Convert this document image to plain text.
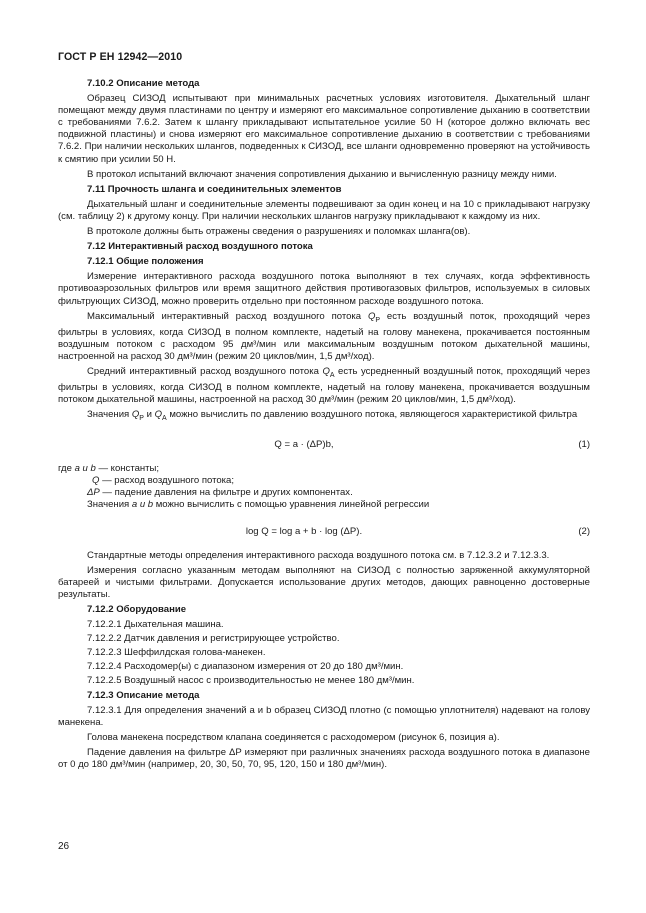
ГОСТ Р ЕН 12942—2010
7.10.2 Описание метода
Образец СИЗОД испытывают при минимальных расчетных условиях изготовителя. Дыхательный шланг помещают между двумя пластинами по центру и измеряют его максимальное сопротивление дыханию в соответствии с требованиями 7.6.2. Затем к шлангу прикладывают испытательное усилие 50 Н (которое должно включать вес подвижной пластины) и снова измеряют его максимальное сопротивление дыханию в соответствии с требованиями 7.6.2. При наличии нескольких шлангов, подведенных к СИЗОД, все шланги одновременно проверяют на устойчивость к смятию при усилии 50 Н.
В протокол испытаний включают значения сопротивления дыханию и вычисленную разницу между ними.
7.11 Прочность шланга и соединительных элементов
Дыхательный шланг и соединительные элементы подвешивают за один конец и на 10 с прикладывают нагрузку (см. таблицу 2) к другому концу. При наличии нескольких шлангов нагрузку прикладывают к каждому из них.
В протоколе должны быть отражены сведения о разрушениях и поломках шланга(ов).
7.12 Интерактивный расход воздушного потока
7.12.1 Общие положения
Измерение интерактивного расхода воздушного потока выполняют в тех случаях, когда эффективность противоаэрозольных фильтров или время защитного действия противогазовых фильтров, используемых в силовых фильтрующих СИЗОД, можно проверить отдельно при постоянном расходе воздушного потока.
Максимальный интерактивный расход воздушного потока $Q_P$ есть воздушный поток, проходящий через фильтры в условиях, когда СИЗОД в полном комплекте, надетый на голову манекена, прокачивается постоянным воздушным потоком с расходом 95 дм³/мин или максимальным воздушным потоком дыхательной машины, настроенной на расход 30 дм³/мин (режим 20 циклов/мин, 1,5 дм³/ход).
Средний интерактивный расход воздушного потока $Q_A$ есть усредненный воздушный поток, проходящий через фильтры в условиях, когда СИЗОД в полном комплекте, надетый на голову манекена, прокачивается воздушным потоком дыхательной машины, настроенной на расход 30 дм³/мин (режим 20 циклов/мин, 1,5 дм³/ход).
Значения $Q_P$ и $Q_A$ можно вычислить по давлению воздушного потока, являющегося характеристикой фильтра
Q = a · (ΔP)b,	(1)
где a и b — константы;
Q — расход воздушного потока;
ΔP — падение давления на фильтре и других компонентах.
Значения a и b можно вычислить с помощью уравнения линейной регрессии
log Q = log a + b · log (ΔP).	(2)
Стандартные методы определения интерактивного расхода воздушного потока см. в 7.12.3.2 и 7.12.3.3.
Измерения согласно указанным методам выполняют на СИЗОД с полностью заряженной аккумуляторной батареей и чистыми фильтрами. Допускается использование других методов, дающих равноценно достоверные результаты.
7.12.2 Оборудование
7.12.2.1 Дыхательная машина.
7.12.2.2 Датчик давления и регистрирующее устройство.
7.12.2.3 Шеффилдская голова-манекен.
7.12.2.4 Расходомер(ы) с диапазоном измерения от 20 до 180 дм³/мин.
7.12.2.5 Воздушный насос с производительностью не менее 180 дм³/мин.
7.12.3 Описание метода
7.12.3.1 Для определения значений a и b образец СИЗОД плотно (с помощью уплотнителя) надевают на голову манекена.
Голова манекена посредством клапана соединяется с расходомером (рисунок 6, позиция а).
Падение давления на фильтре ΔP измеряют при различных значениях расхода воздушного потока в диапазоне от 0 до 180 дм³/мин (например, 20, 30, 50, 70, 95, 120, 150 и 180 дм³/мин).
26
